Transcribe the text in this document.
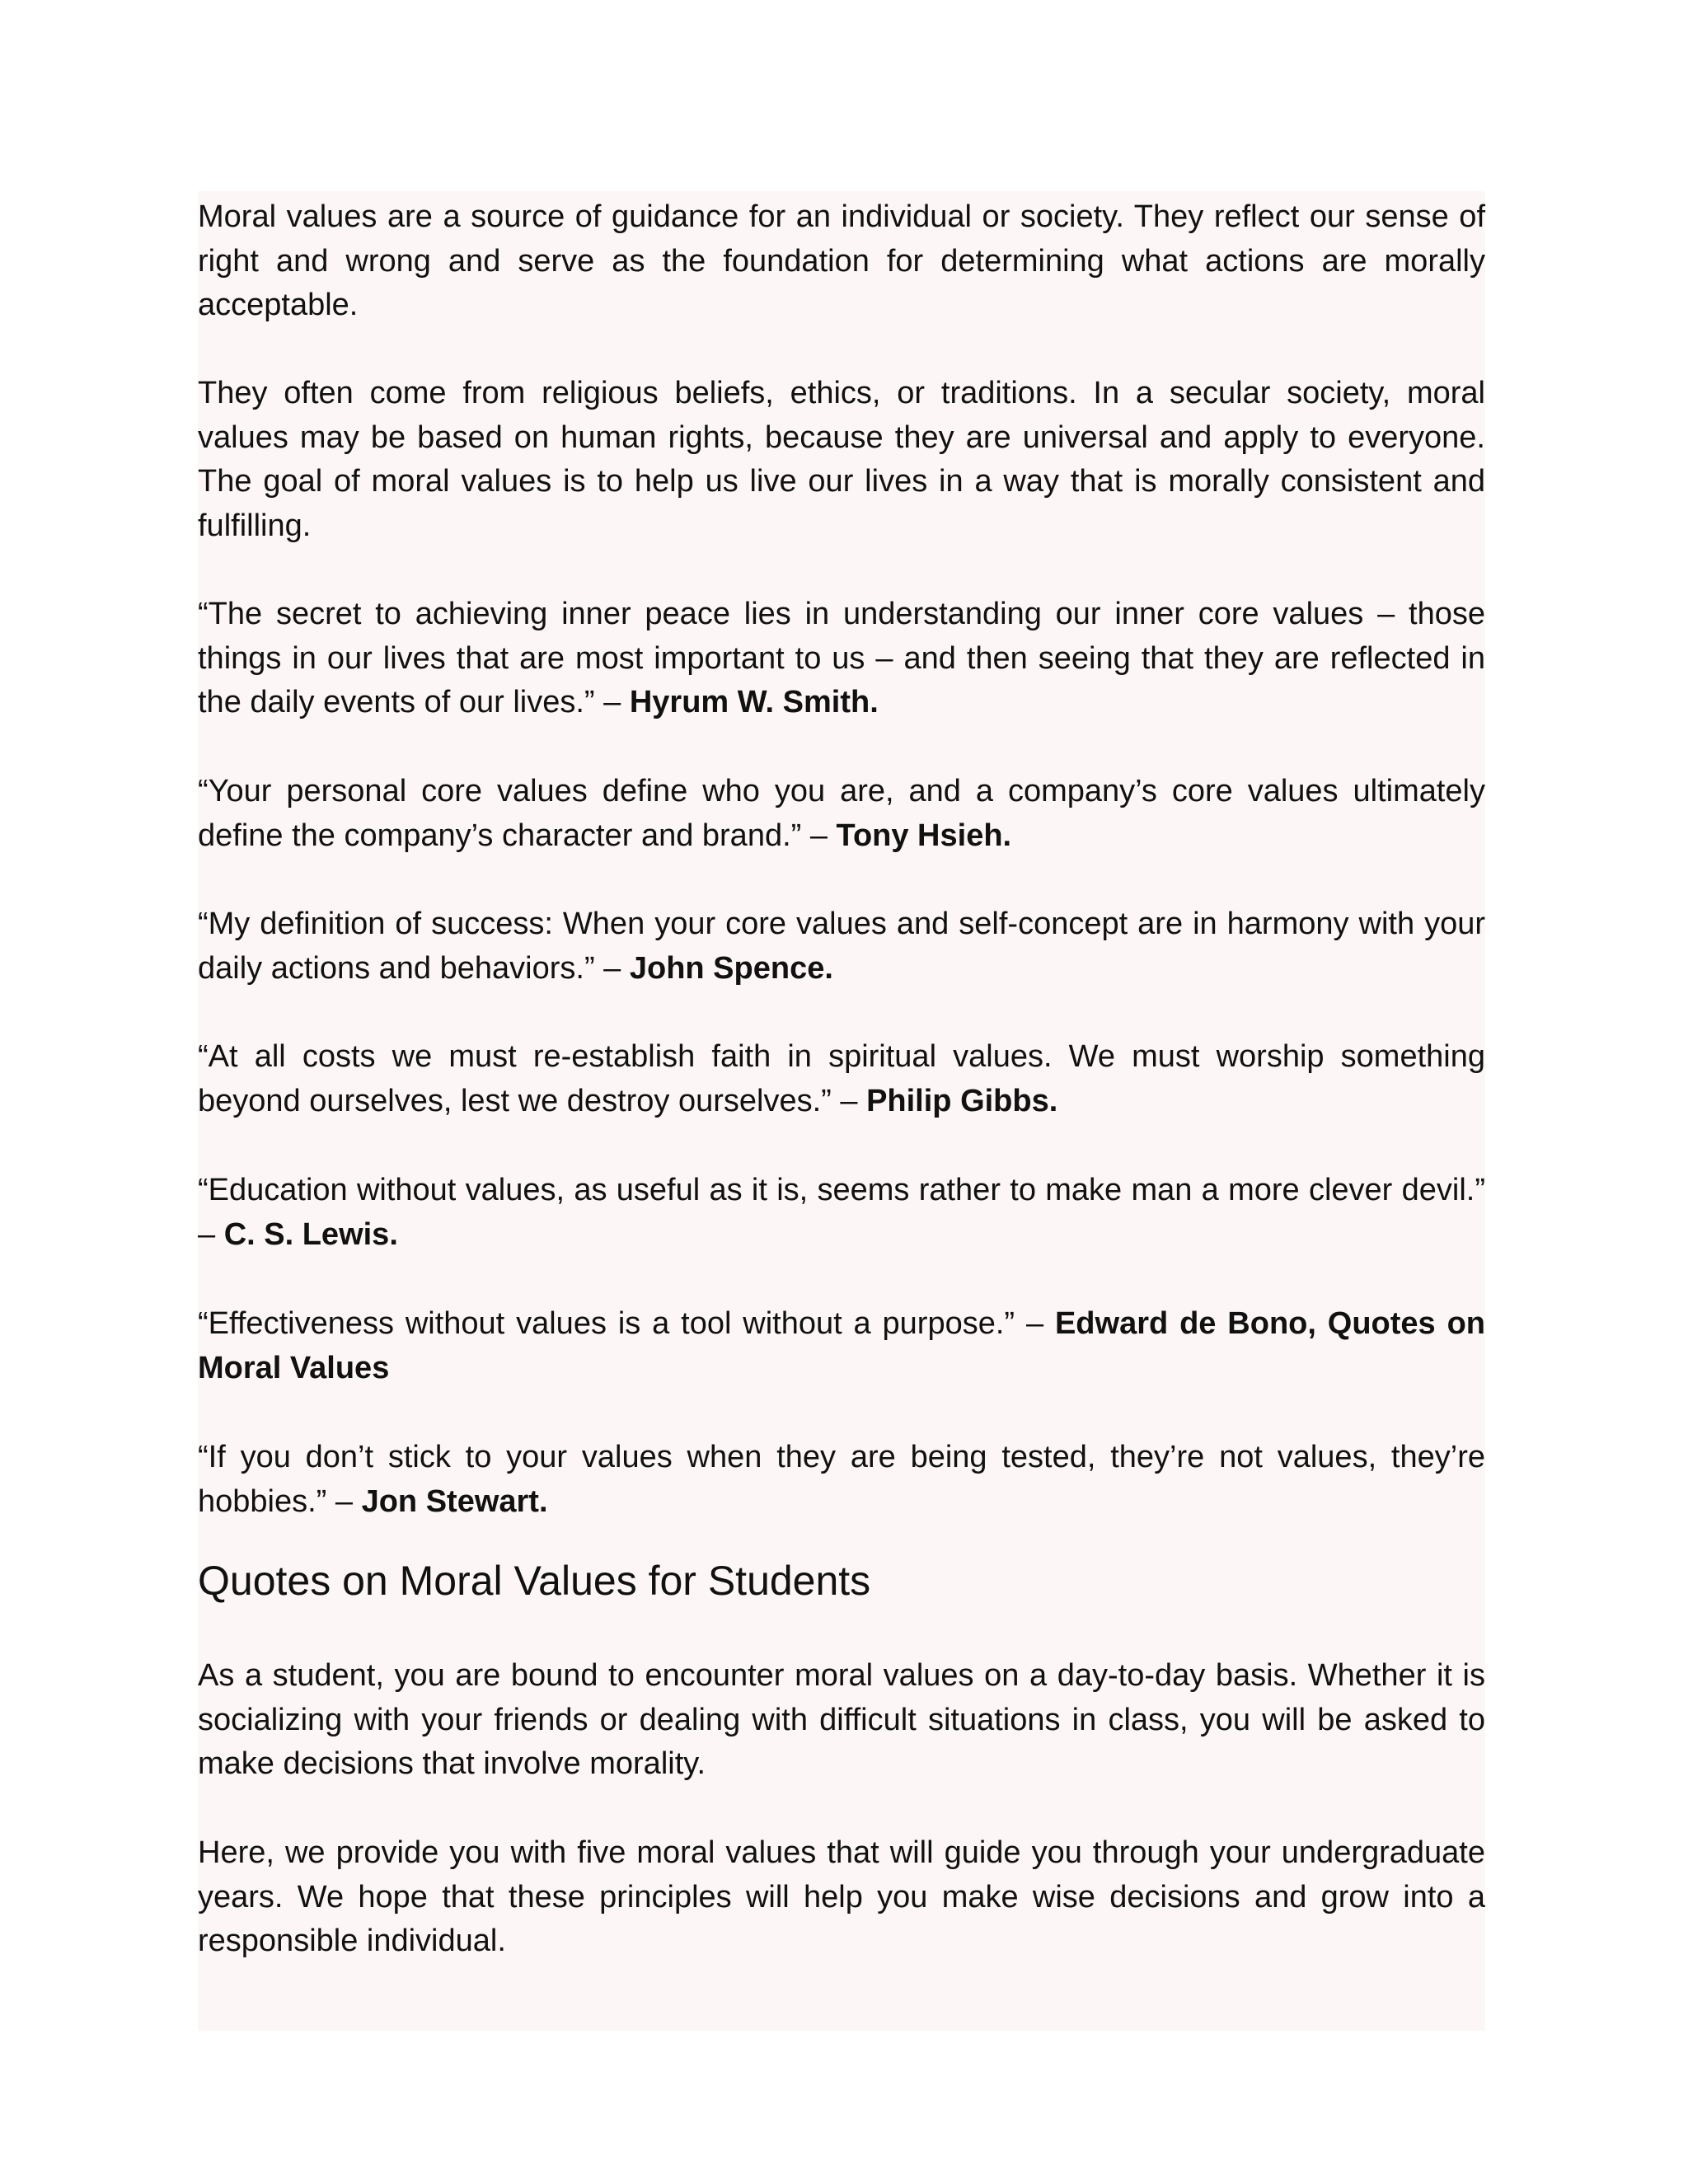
Moral values are a source of guidance for an individual or society. They reflect our sense of right and wrong and serve as the foundation for determining what actions are morally acceptable.

They often come from religious beliefs, ethics, or traditions. In a secular society, moral values may be based on human rights, because they are universal and apply to everyone. The goal of moral values is to help us live our lives in a way that is morally consistent and fulfilling.

“The secret to achieving inner peace lies in understanding our inner core values – those things in our lives that are most important to us – and then seeing that they are reflected in the daily events of our lives.” – Hyrum W. Smith.

“Your personal core values define who you are, and a company’s core values ultimately define the company’s character and brand.” – Tony Hsieh.

“My definition of success: When your core values and self-concept are in harmony with your daily actions and behaviors.” – John Spence.

“At all costs we must re-establish faith in spiritual values. We must worship something beyond ourselves, lest we destroy ourselves.” – Philip Gibbs.

“Education without values, as useful as it is, seems rather to make man a more clever devil.” – C. S. Lewis.

“Effectiveness without values is a tool without a purpose.” – Edward de Bono, Quotes on Moral Values

“If you don’t stick to your values when they are being tested, they’re not values, they’re hobbies.” – Jon Stewart.

Quotes on Moral Values for Students

As a student, you are bound to encounter moral values on a day-to-day basis. Whether it is socializing with your friends or dealing with difficult situations in class, you will be asked to make decisions that involve morality.

Here, we provide you with five moral values that will guide you through your undergraduate years. We hope that these principles will help you make wise decisions and grow into a responsible individual.
